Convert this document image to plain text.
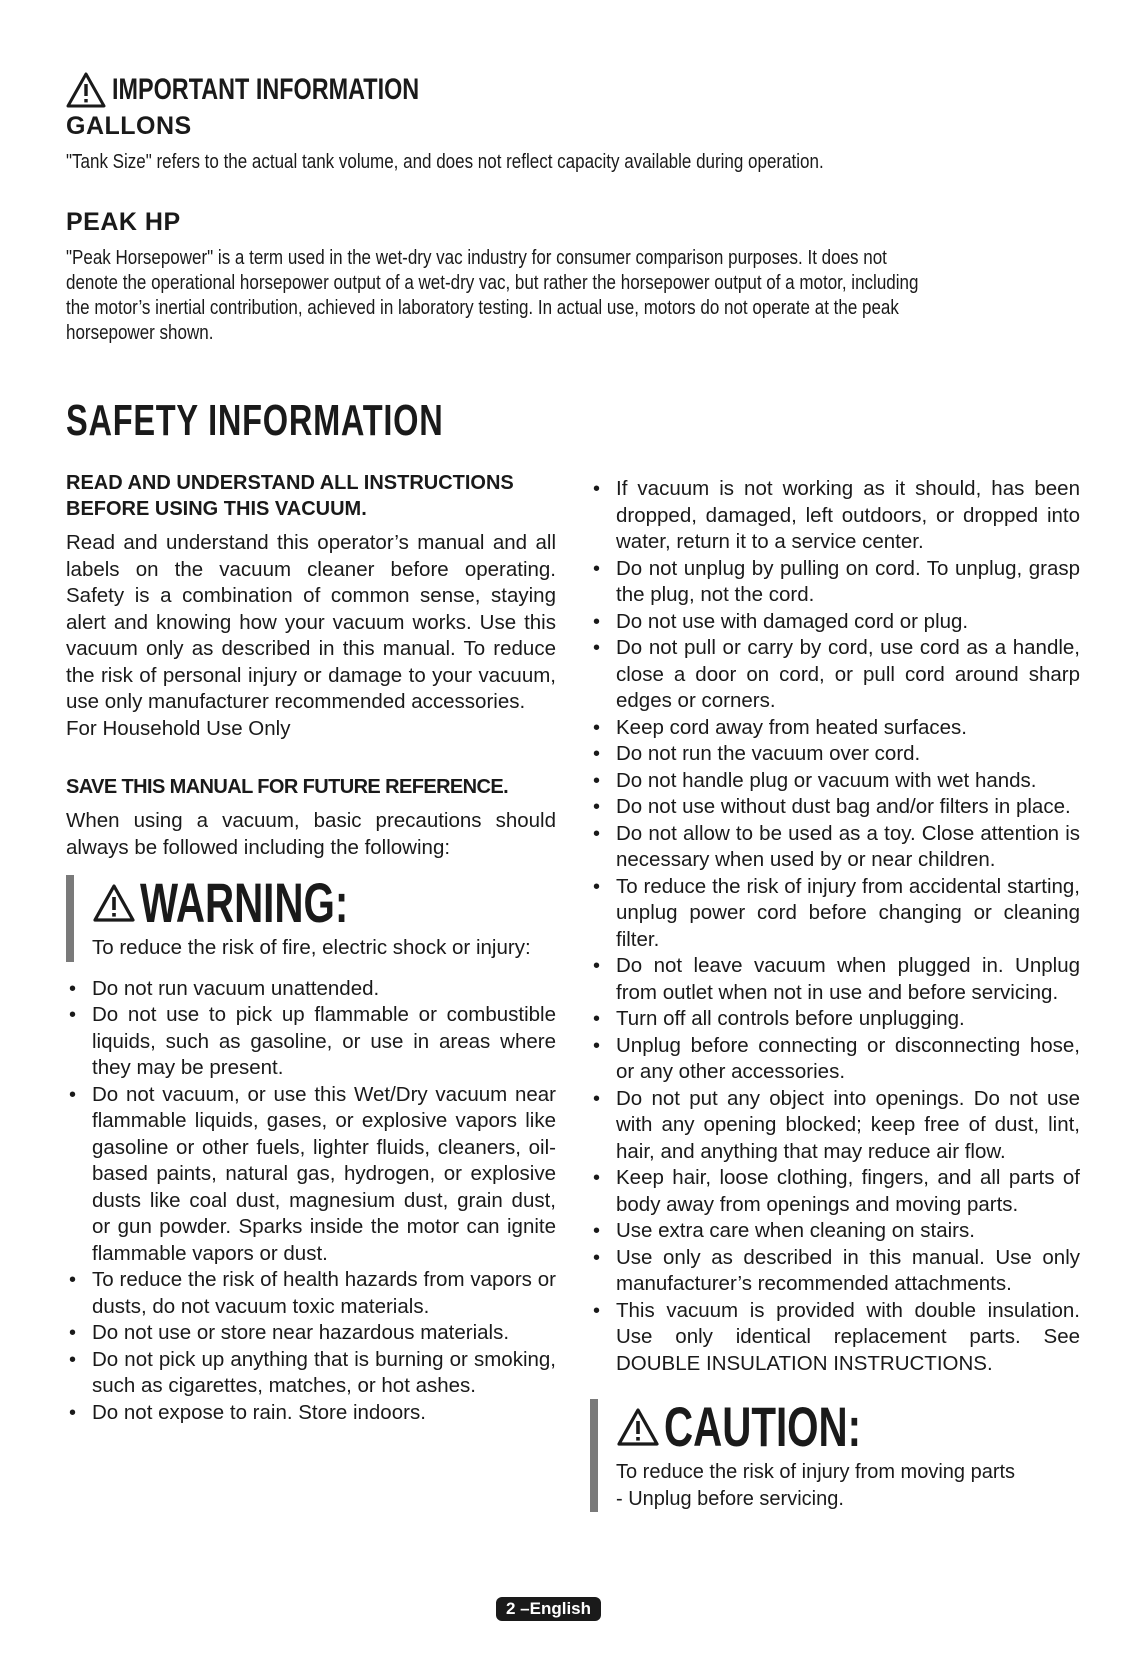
IMPORTANT INFORMATION
GALLONS
"Tank Size" refers to the actual tank volume, and does not reflect capacity available during operation.
PEAK HP
"Peak Horsepower" is a term used in the wet-dry vac industry for consumer comparison purposes. It does not
denote the operational horsepower output of a wet-dry vac, but rather the horsepower output of a motor, including
the motor’s inertial contribution, achieved in laboratory testing. In actual use, motors do not operate at the peak
horsepower shown.
SAFETY INFORMATION
READ AND UNDERSTAND ALL INSTRUCTIONS
BEFORE USING THIS VACUUM.
Read and understand this operator’s manual and all labels on the vacuum cleaner before operating. Safety is a combination of common sense, staying alert and knowing how your vacuum works. Use this vacuum only as described in this manual. To reduce the risk of personal injury or damage to your vacuum, use only manufacturer recommended accessories.
For Household Use Only
SAVE THIS MANUAL FOR FUTURE REFERENCE.
When using a vacuum, basic precautions should always be followed including the following:
WARNING:
To reduce the risk of fire, electric shock or injury:
• Do not run vacuum unattended.
• Do not use to pick up flammable or combustible liquids, such as gasoline, or use in areas where they may be present.
• Do not vacuum, or use this Wet/Dry vacuum near flammable liquids, gases, or explosive vapors like gasoline or other fuels, lighter fluids, cleaners, oil-based paints, natural gas, hydrogen, or explosive dusts like coal dust, magnesium dust, grain dust, or gun powder. Sparks inside the motor can ignite flammable vapors or dust.
• To reduce the risk of health hazards from vapors or dusts, do not vacuum toxic materials.
• Do not use or store near hazardous materials.
• Do not pick up anything that is burning or smoking, such as cigarettes, matches, or hot ashes.
• Do not expose to rain. Store indoors.
• If vacuum is not working as it should, has been dropped, damaged, left outdoors, or dropped into water, return it to a service center.
• Do not unplug by pulling on cord. To unplug, grasp the plug, not the cord.
• Do not use with damaged cord or plug.
• Do not pull or carry by cord, use cord as a handle, close a door on cord, or pull cord around sharp edges or corners.
• Keep cord away from heated surfaces.
• Do not run the vacuum over cord.
• Do not handle plug or vacuum with wet hands.
• Do not use without dust bag and/or filters in place.
• Do not allow to be used as a toy. Close attention is necessary when used by or near children.
• To reduce the risk of injury from accidental starting, unplug power cord before changing or cleaning filter.
• Do not leave vacuum when plugged in. Unplug from outlet when not in use and before servicing.
• Turn off all controls before unplugging.
• Unplug before connecting or disconnecting hose, or any other accessories.
• Do not put any object into openings. Do not use with any opening blocked; keep free of dust, lint, hair, and anything that may reduce air flow.
• Keep hair, loose clothing, fingers, and all parts of body away from openings and moving parts.
• Use extra care when cleaning on stairs.
• Use only as described in this manual. Use only manufacturer’s recommended attachments.
• This vacuum is provided with double insulation. Use only identical replacement parts. See DOUBLE INSULATION INSTRUCTIONS.
CAUTION:
To reduce the risk of injury from moving parts
- Unplug before servicing.
2 –English
